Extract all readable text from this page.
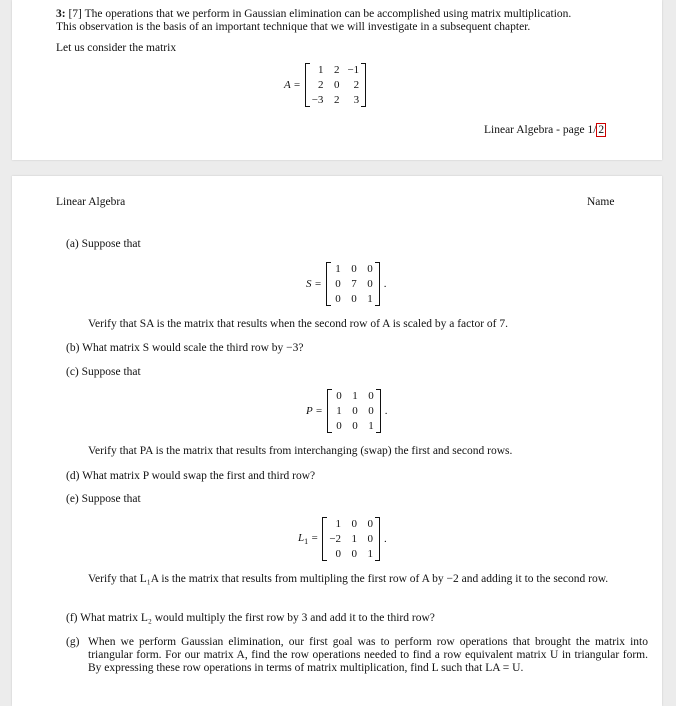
3: [7] The operations that we perform in Gaussian elimination can be accomplished using matrix multiplication.
This observation is the basis of an important technique that we will investigate in a subsequent chapter.
Let us consider the matrix
A =
1 2 −1
2 0	2
−3 2	3
Linear Algebra - page 1/ 2
Linear Algebra	Name
(a) Suppose that
S =
1 0 0
0 7 0
0 0 1
.
Verify that SA is the matrix that results when the second row of A is scaled by a factor of 7.
(b) What matrix S would scale the third row by −3?
(c) Suppose that
P =
0 1 0
1 0 0
0 0 1
.
Verify that PA is the matrix that results from interchanging (swap) the first and second rows.
(d) What matrix P would swap the first and third row?
(e) Suppose that
$L_1$ =
1 0 0
−2 1 0
0 0 1
.
Verify that L₁A is the matrix that results from multipling the first row of A by −2 and adding it to the second row.
(f) What matrix L₂ would multiply the first row by 3 and add it to the third row?
(g) When we perform Gaussian elimination, our first goal was to perform row operations that brought the matrix into triangular form. For our matrix A, find the row operations needed to find a row equivalent matrix U in triangular form. By expressing these row operations in terms of matrix multiplication, find L such that LA = U.
